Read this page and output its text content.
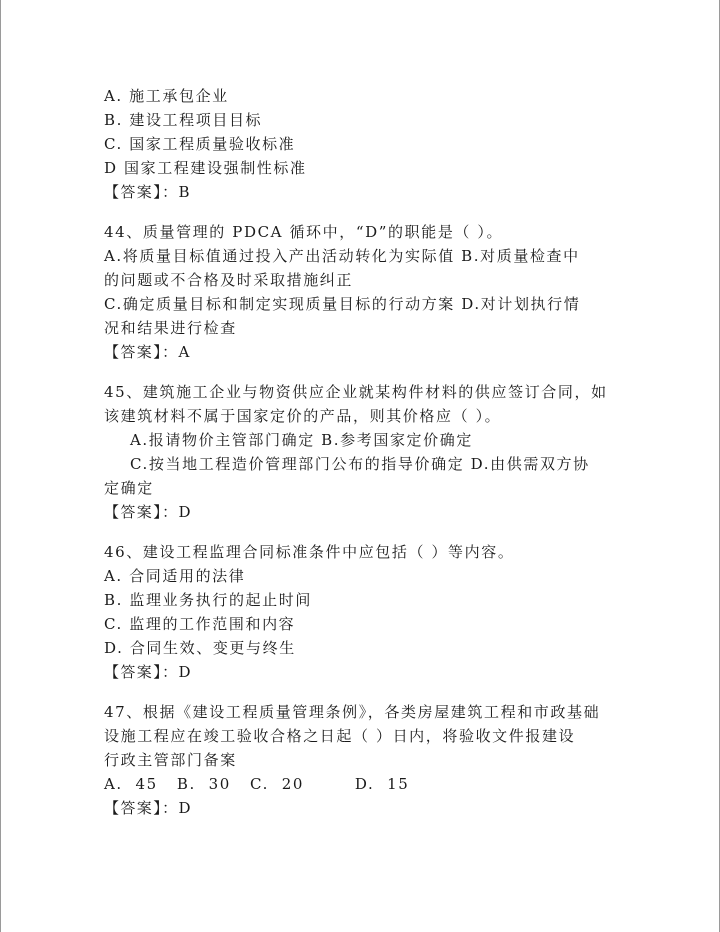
A. 施工承包企业
B. 建设工程项目目标
C. 国家工程质量验收标准
D 国家工程建设强制性标准
【答案】：B
44、质量管理的 PDCA 循环中，“D”的职能是（ ）。
A.将质量目标值通过投入产出活动转化为实际值 B.对质量检查中
的问题或不合格及时采取措施纠正
C.确定质量目标和制定实现质量目标的行动方案 D.对计划执行情
况和结果进行检查
【答案】：A
45、建筑施工企业与物资供应企业就某构件材料的供应签订合同，如
该建筑材料不属于国家定价的产品，则其价格应（ ）。
A.报请物价主管部门确定 B.参考国家定价确定
C.按当地工程造价管理部门公布的指导价确定 D.由供需双方协
定确定
【答案】：D
46、建设工程监理合同标准条件中应包括（ ）等内容。
A. 合同适用的法律
B. 监理业务执行的起止时间
C. 监理的工作范围和内容
D. 合同生效、变更与终生
【答案】：D
47、根据《建设工程质量管理条例》，各类房屋建筑工程和市政基础
设施工程应在竣工验收合格之日起（ ）日内，将验收文件报建设
行政主管部门备案
A.  45   B.  30   C.  20        D.  15
【答案】：D
